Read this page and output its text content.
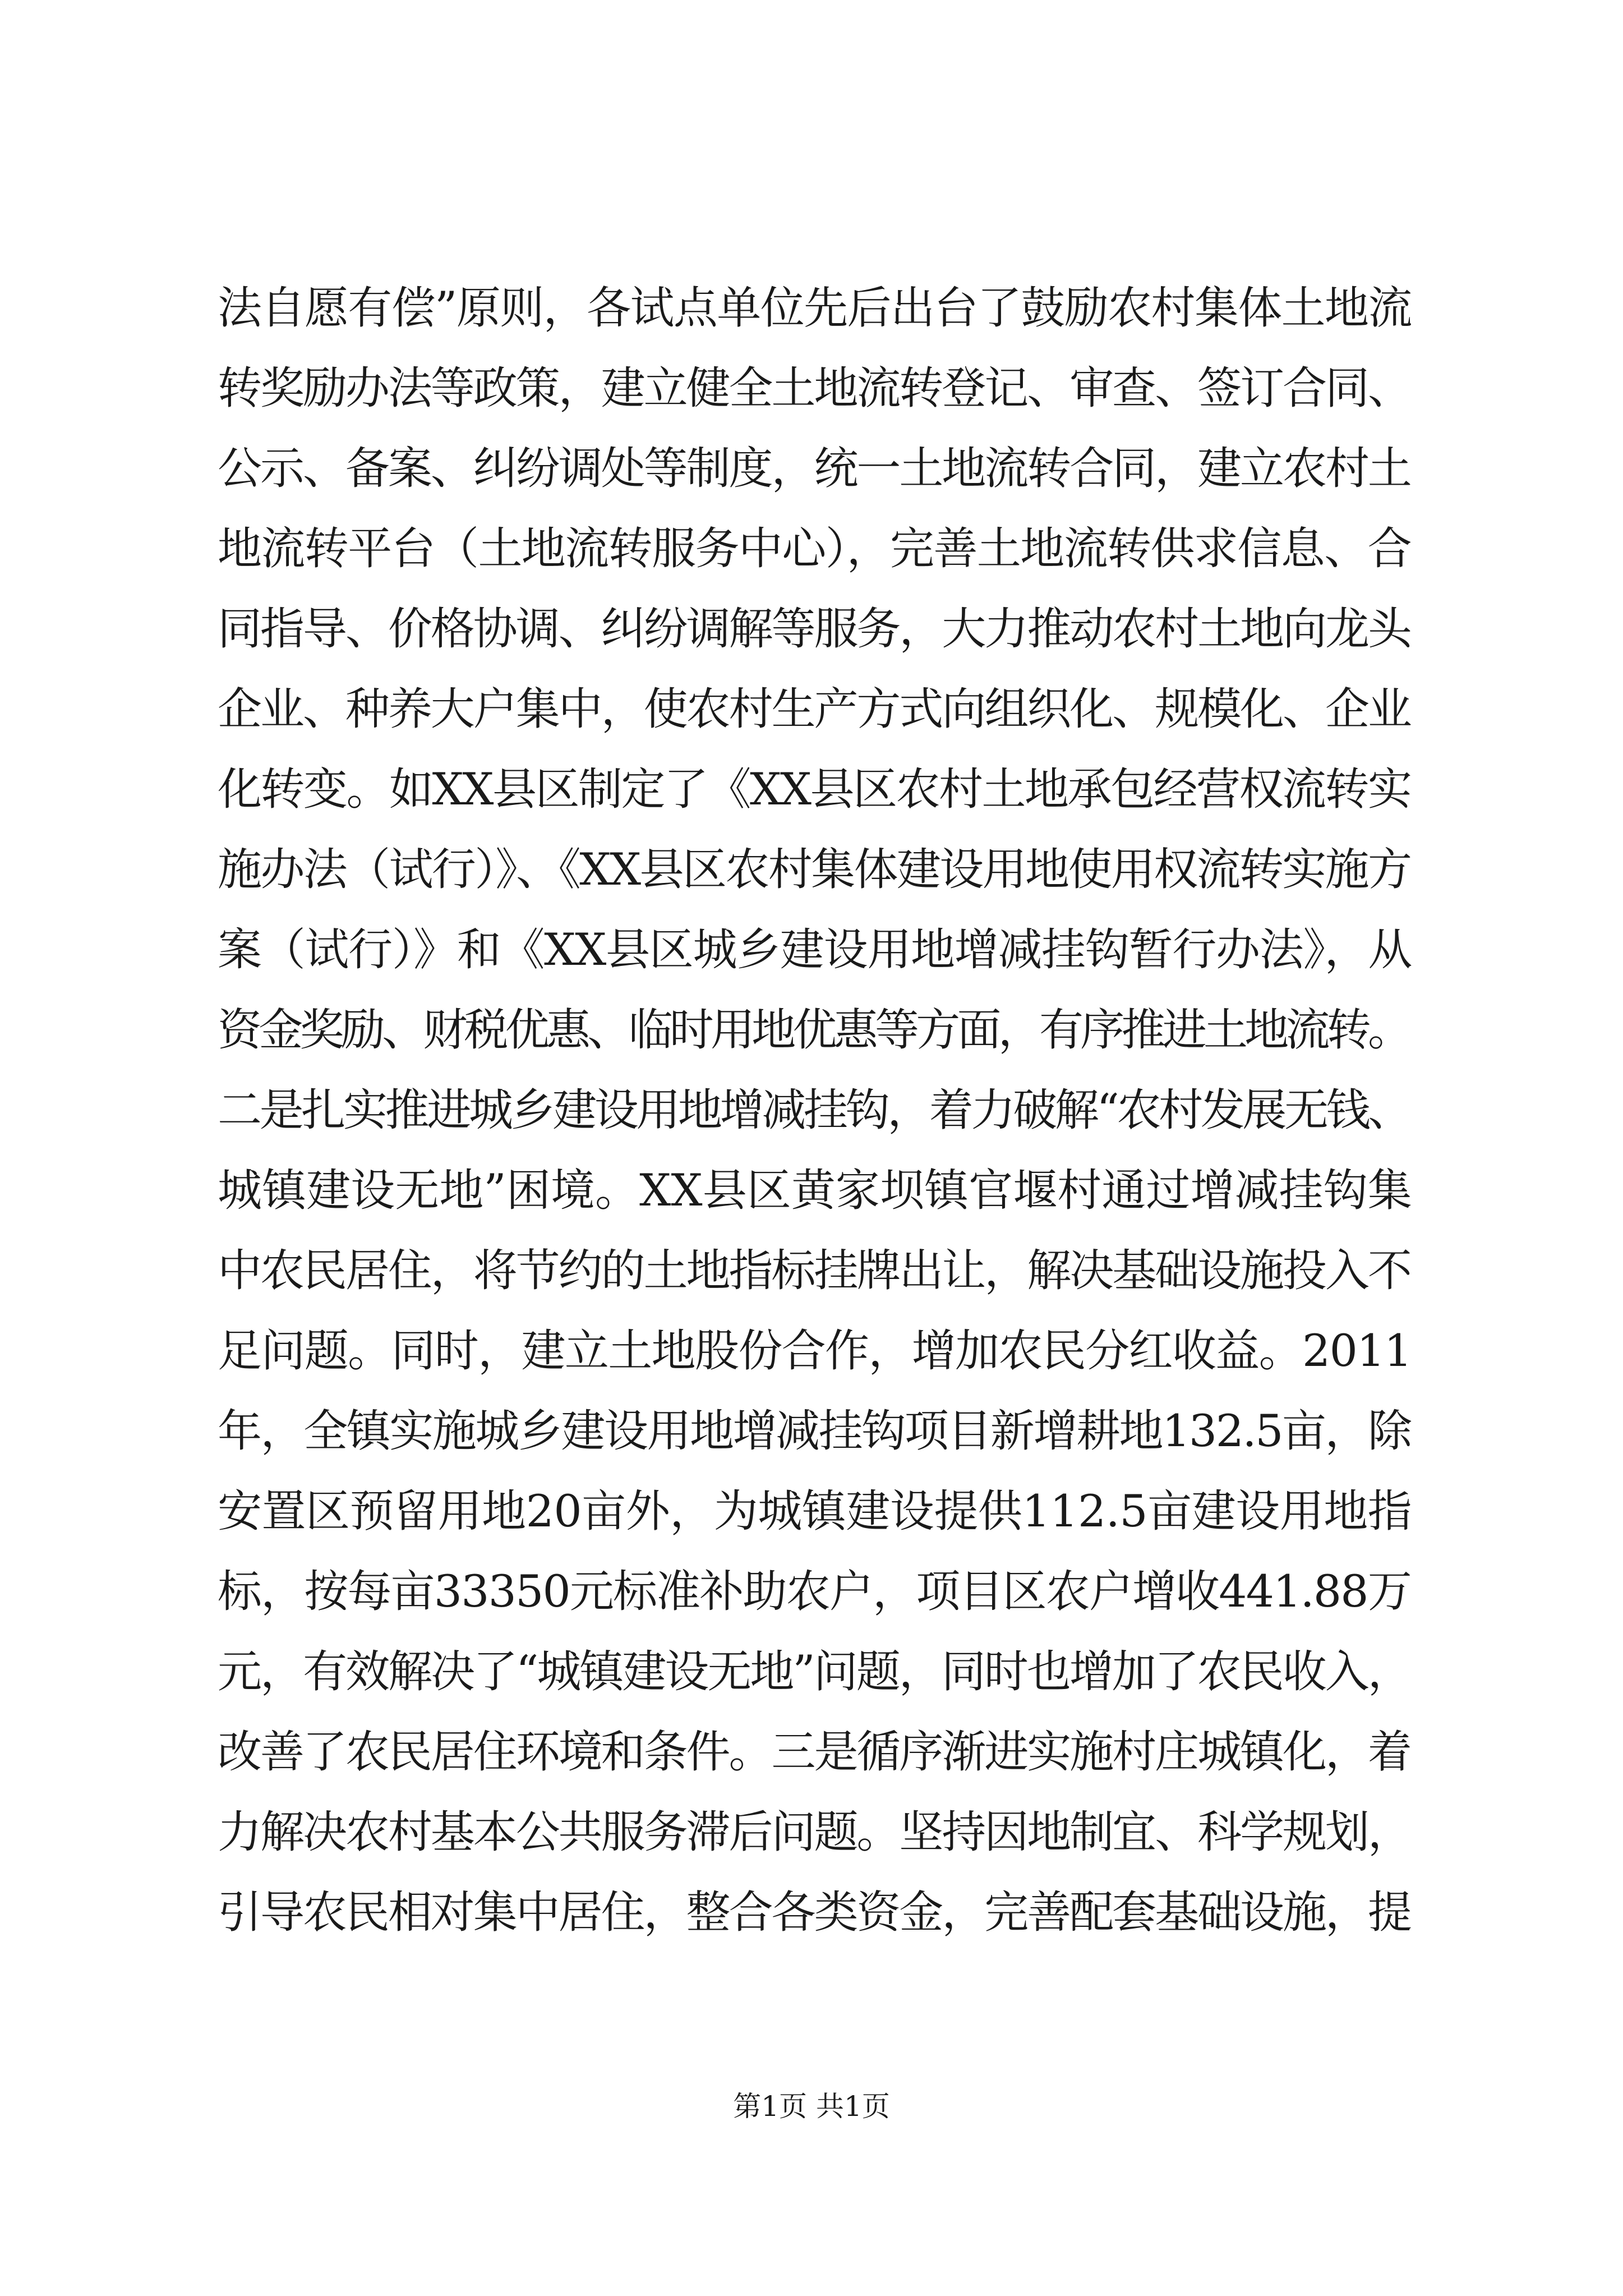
法自愿有偿”原则，各试点单位先后出台了鼓励农村集体土地流
转奖励办法等政策，建立健全土地流转登记、审查、签订合同、
公示、备案、纠纷调处等制度，统一土地流转合同，建立农村土
地流转平台（土地流转服务中心），完善土地流转供求信息、合
同指导、价格协调、纠纷调解等服务，大力推动农村土地向龙头
企业、种养大户集中，使农村生产方式向组织化、规模化、企业
化转变。如XX县区制定了《XX县区农村土地承包经营权流转实
施办法（试行）》、《XX县区农村集体建设用地使用权流转实施方
案（试行）》和《XX县区城乡建设用地增减挂钩暂行办法》，从
资金奖励、财税优惠、临时用地优惠等方面，有序推进土地流转。
二是扎实推进城乡建设用地增减挂钩，着力破解“农村发展无钱、
城镇建设无地”困境。XX县区黄家坝镇官堰村通过增减挂钩集
中农民居住，将节约的土地指标挂牌出让，解决基础设施投入不
足问题。同时，建立土地股份合作，增加农民分红收益。2011
年，全镇实施城乡建设用地增减挂钩项目新增耕地132.5亩，除
安置区预留用地20亩外，为城镇建设提供112.5亩建设用地指
标，按每亩33350元标准补助农户，项目区农户增收441.88万
元，有效解决了“城镇建设无地”问题，同时也增加了农民收入，
改善了农民居住环境和条件。三是循序渐进实施村庄城镇化，着
力解决农村基本公共服务滞后问题。坚持因地制宜、科学规划，
引导农民相对集中居住，整合各类资金，完善配套基础设施，提
第1页 共1页
